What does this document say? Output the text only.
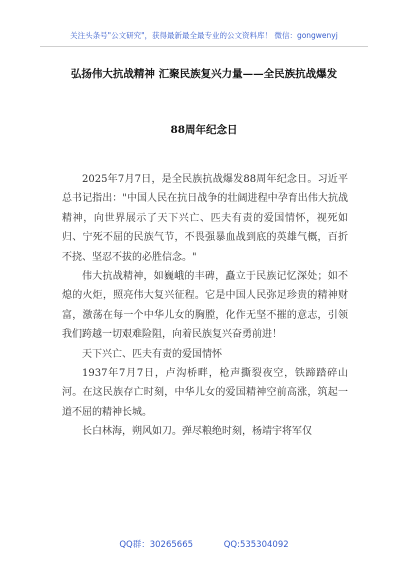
关注头条号"公文研究"，获得最新最全最专业的公文资料库！ 微信：gongwenyj
弘扬伟大抗战精神 汇聚民族复兴力量——全民族抗战爆发
88周年纪念日

2025年7月7日，是全民族抗战爆发88周年纪念日。习近平总书记指出："中国人民在抗日战争的壮阔进程中孕育出伟大抗战精神，向世界展示了天下兴亡、匹夫有责的爱国情怀，视死如归、宁死不屈的民族气节，不畏强暴血战到底的英雄气概，百折不挠、坚忍不拔的必胜信念。"

伟大抗战精神，如巍峨的丰碑，矗立于民族记忆深处；如不熄的火炬，照亮伟大复兴征程。它是中国人民弥足珍贵的精神财富，激荡在每一个中华儿女的胸膛，化作无坚不摧的意志，引领我们跨越一切艰难险阻，向着民族复兴奋勇前进！

天下兴亡、匹夫有责的爱国情怀

1937年7月7日，卢沟桥畔，枪声撕裂夜空，铁蹄踏碎山河。在这民族存亡时刻，中华儿女的爱国精神空前高涨，筑起一道不屈的精神长城。

长白林海，朔风如刀。弹尽粮绝时刻，杨靖宇将军仅

QQ群：30265665	QQ:535304092
